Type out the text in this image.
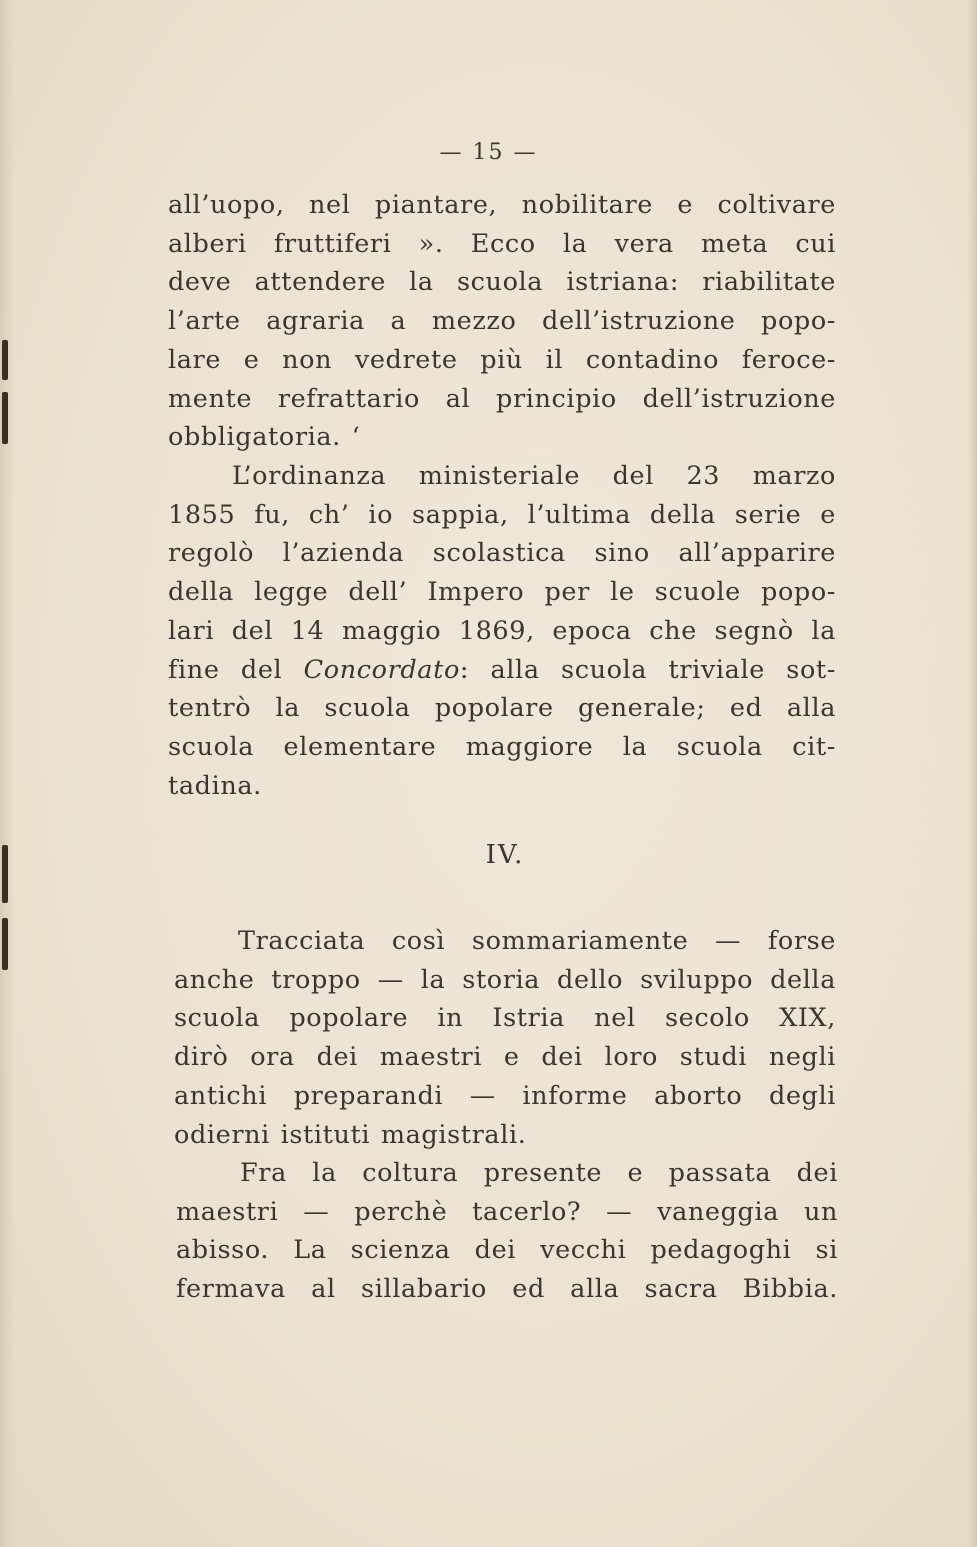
— 15 —
all’uopo, nel piantare, nobilitare e coltivare
alberi fruttiferi ». Ecco la vera meta cui
deve attendere la scuola istriana: riabilitate
l’arte agraria a mezzo dell’istruzione popo-
lare e non vedrete più il contadino feroce-
mente refrattario al principio dell’istruzione
obbligatoria. ‘
L’ordinanza ministeriale del 23 marzo
1855 fu, ch’ io sappia, l’ultima della serie e
regolò l’azienda scolastica sino all’apparire
della legge dell’ Impero per le scuole popo-
lari del 14 maggio 1869, epoca che segnò la
fine del Concordato: alla scuola triviale sot-
tentrò la scuola popolare generale; ed alla
scuola elementare maggiore la scuola cit-
tadina.
IV.
Tracciata così sommariamente — forse
anche troppo — la storia dello sviluppo della
scuola popolare in Istria nel secolo XIX,
dirò ora dei maestri e dei loro studi negli
antichi preparandi — informe aborto degli
odierni istituti magistrali.
Fra la coltura presente e passata dei
maestri — perchè tacerlo? — vaneggia un
abisso. La scienza dei vecchi pedagoghi si
fermava al sillabario ed alla sacra Bibbia.
